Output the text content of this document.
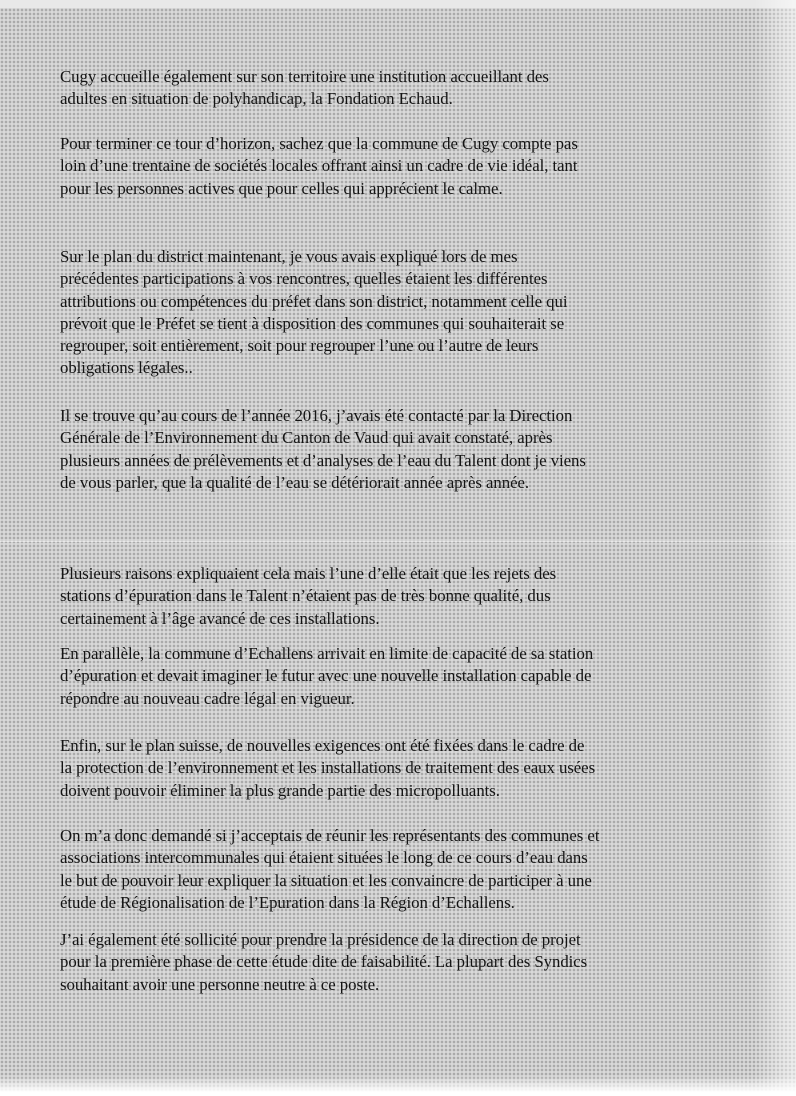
Cugy accueille également sur son territoire une institution accueillant des
adultes en situation de polyhandicap, la Fondation Echaud.

Pour terminer ce tour d’horizon, sachez que la commune de Cugy compte pas
loin d’une trentaine de sociétés locales offrant ainsi un cadre de vie idéal, tant
pour les personnes actives que pour celles qui apprécient le calme.

Sur le plan du district maintenant, je vous avais expliqué lors de mes
précédentes participations à vos rencontres, quelles étaient les différentes
attributions ou compétences du préfet dans son district, notamment celle qui
prévoit que le Préfet se tient à disposition des communes qui souhaiterait se
regrouper, soit entièrement, soit pour regrouper l’une ou l’autre de leurs
obligations légales..

Il se trouve qu’au cours de l’année 2016, j’avais été contacté par la Direction
Générale de l’Environnement du Canton de Vaud qui avait constaté, après
plusieurs années de prélèvements et d’analyses de l’eau du Talent dont je viens
de vous parler, que la qualité de l’eau se détériorait année après année.

Plusieurs raisons expliquaient cela mais l’une d’elle était que les rejets des
stations d’épuration dans le Talent n’étaient pas de très bonne qualité, dus
certainement à l’âge avancé de ces installations.

En parallèle, la commune d’Echallens arrivait en limite de capacité de sa station
d’épuration et devait imaginer le futur avec une nouvelle installation capable de
répondre au nouveau cadre légal en vigueur.

Enfin, sur le plan suisse, de nouvelles exigences ont été fixées dans le cadre de
la protection de l’environnement et les installations de traitement des eaux usées
doivent pouvoir éliminer la plus grande partie des micropolluants.

On m’a donc demandé si j’acceptais de réunir les représentants des communes et
associations intercommunales qui étaient situées le long de ce cours d’eau dans
le but de pouvoir leur expliquer la situation et les convaincre de participer à une
étude de Régionalisation de l’Epuration dans la Région d’Echallens.

J’ai également été sollicité pour prendre la présidence de la direction de projet
pour la première phase de cette étude dite de faisabilité. La plupart des Syndics
souhaitant avoir une personne neutre à ce poste.
